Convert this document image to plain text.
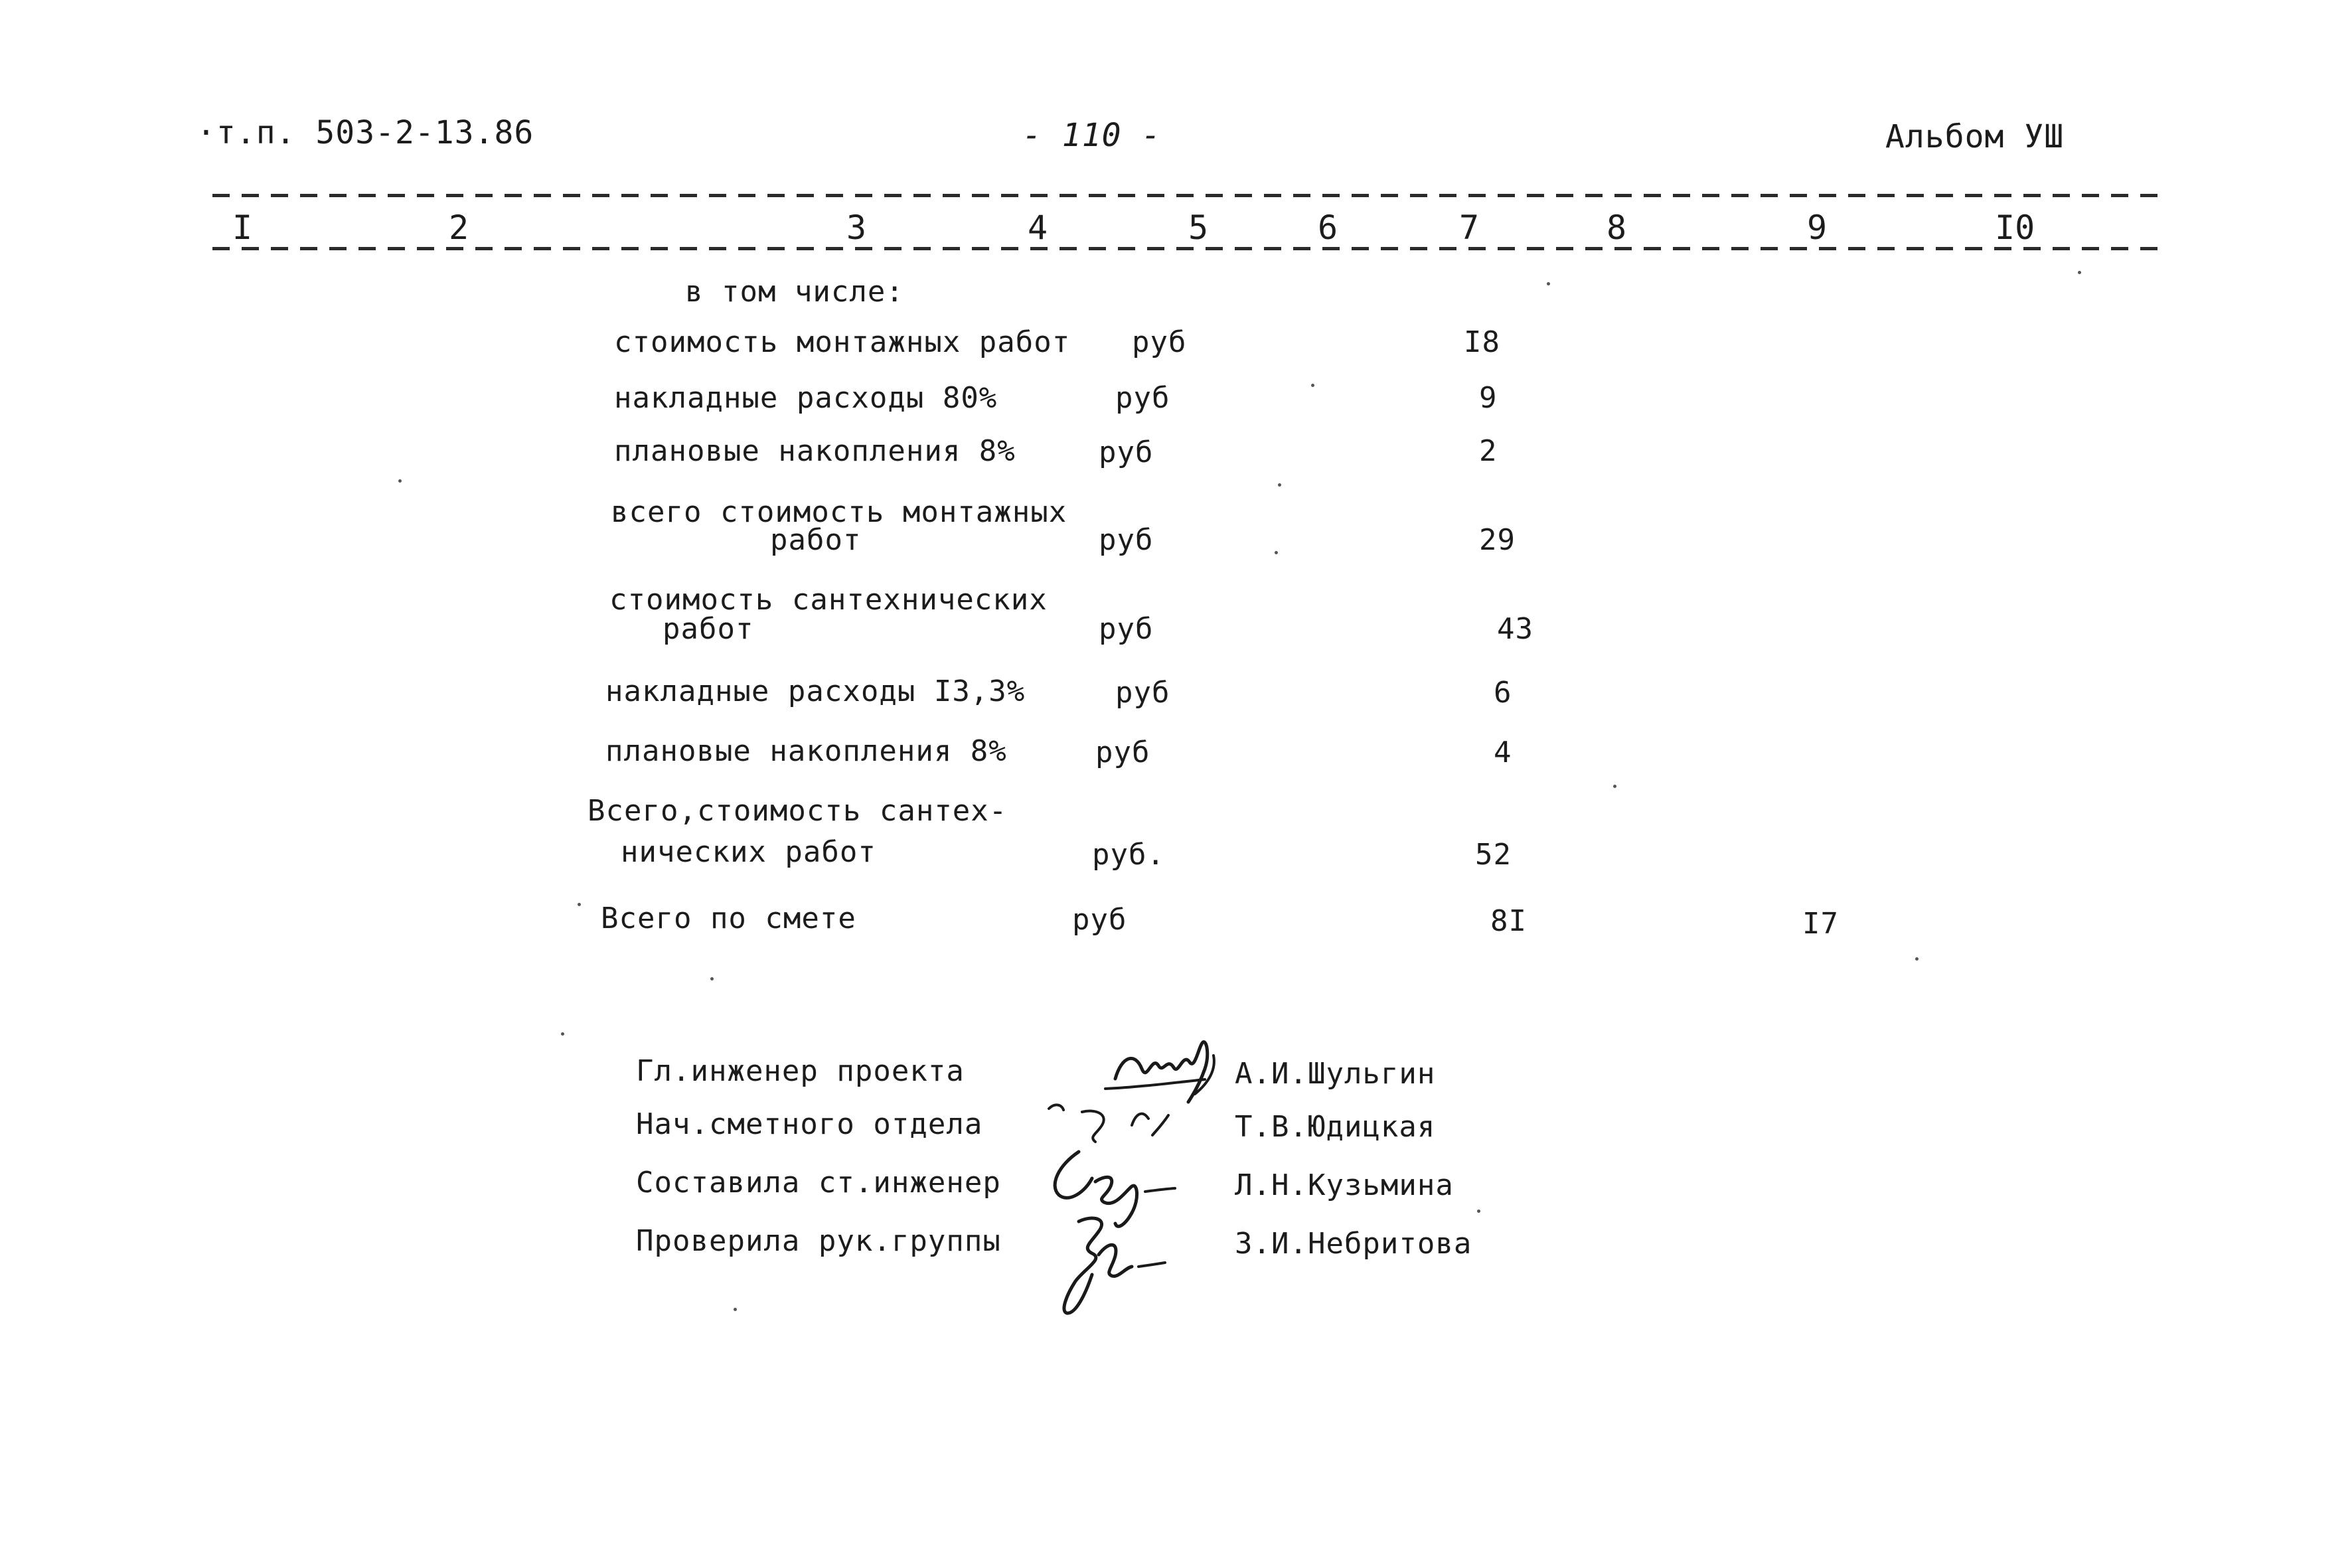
·т.п. 503-2-13.86	- 110 -	Альбом УШ
I	2	3	4	5	6	7	8	9	I0
в том числе:
стоимость монтажных работ руб	I8
накладные расходы 80%	руб	9
плановые накопления 8%	руб	2
всего стоимость монтажных
работ	руб	29
стоимость сантехнических
работ	руб	43
накладные расходы I3,3%	руб	6
плановые накопления 8%	руб	4
Всего,стоимость сантех-
нических работ	руб.	52
Всего по смете	руб	8I	I7
Гл.инженер проекта	А.И.Шульгин
Нач.сметного отдела	Т.В.Юдицкая
Составила ст.инженер	Л.Н.Кузьмина
Проверила рук.группы	З.И.Небритова
